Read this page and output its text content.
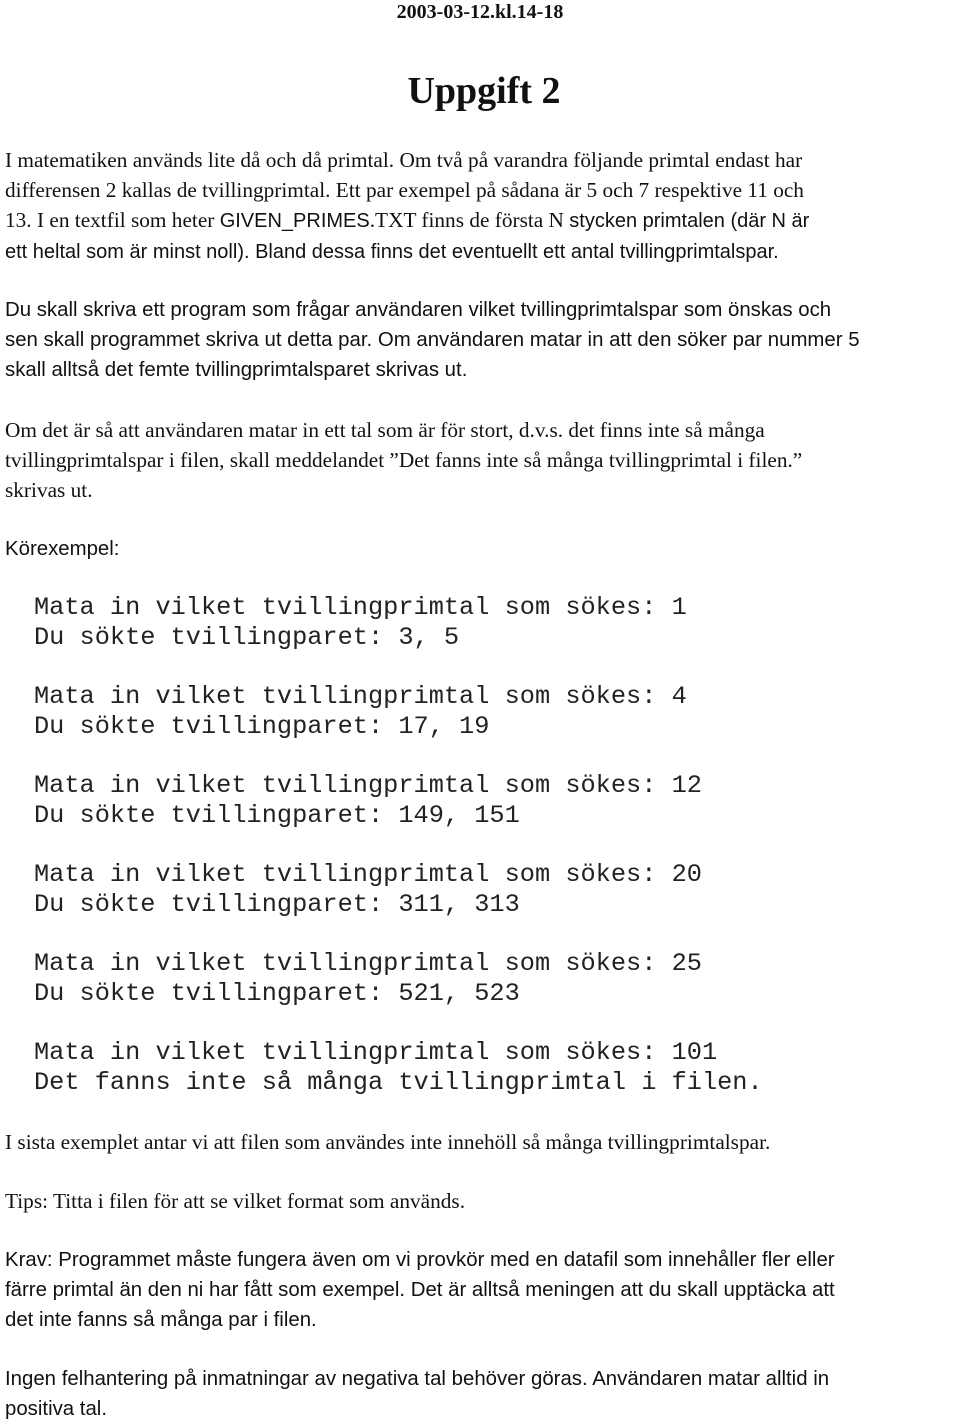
2003-03-12.kl.14-18
Uppgift 2

I matematiken används lite då och då primtal. Om två på varandra följande primtal endast har
differensen 2 kallas de tvillingprimtal. Ett par exempel på sådana är 5 och 7 respektive 11 och
13. I en textfil som heter GIVEN_PRIMES.TXT finns de första N stycken primtalen (där N är
ett heltal som är minst noll). Bland dessa finns det eventuellt ett antal tvillingprimtalspar.

Du skall skriva ett program som frågar användaren vilket tvillingprimtalspar som önskas och
sen skall programmet skriva ut detta par. Om användaren matar in att den söker par nummer 5
skall alltså det femte tvillingprimtalsparet skrivas ut.

Om det är så att användaren matar in ett tal som är för stort, d.v.s. det finns inte så många
tvillingprimtalspar i filen, skall meddelandet ”Det fanns inte så många tvillingprimtal i filen.”
skrivas ut.

Körexempel:

Mata in vilket tvillingprimtal som sökes: 1
Du sökte tvillingparet: 3, 5
Mata in vilket tvillingprimtal som sökes: 4
Du sökte tvillingparet: 17, 19
Mata in vilket tvillingprimtal som sökes: 12
Du sökte tvillingparet: 149, 151
Mata in vilket tvillingprimtal som sökes: 20
Du sökte tvillingparet: 311, 313
Mata in vilket tvillingprimtal som sökes: 25
Du sökte tvillingparet: 521, 523
Mata in vilket tvillingprimtal som sökes: 101
Det fanns inte så många tvillingprimtal i filen.

I sista exemplet antar vi att filen som användes inte innehöll så många tvillingprimtalspar.

Tips: Titta i filen för att se vilket format som används.

Krav: Programmet måste fungera även om vi provkör med en datafil som innehåller fler eller
färre primtal än den ni har fått som exempel. Det är alltså meningen att du skall upptäcka att
det inte fanns så många par i filen.

Ingen felhantering på inmatningar av negativa tal behöver göras. Användaren matar alltid in
positiva tal.
